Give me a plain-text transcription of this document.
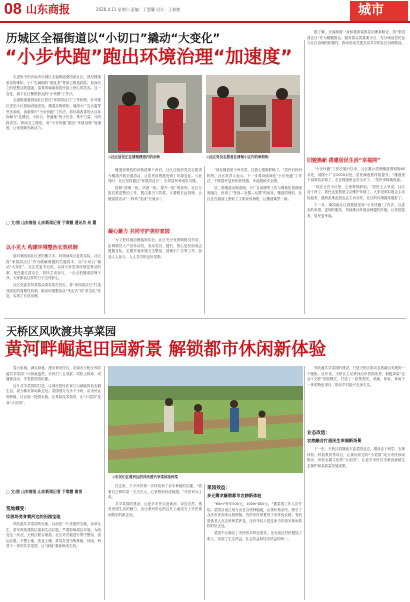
08 山东商报	2026.4.11 星期六 责编：于慧馨 设计：王春德	城市
历城区全福街道以“小切口”撬动“大变化”
“小步快跑”跑出环境治理“加速度”

走进如今的济南市历城区全福街道桑园南社区，曾经楼道里杂物堆积、小广告满墙的“脏乱差”景象已难觅踪影。取而代之的是整洁的通道、清爽的墙面和居民脸上舒心的笑容。这一变化，源于社区聚焦群众的“小快微”工作法。

全福街道桑园南社区依托“家园清洁日”工作机制，针对辖区老旧小区基础设施老化、楼道杂物堆积、墙面小广告泛滥等突出顽疾，创新推行“小步快跑”工作法，将环境改善的大目标拆解为“近期治、小切口、快落地”的小任务，集中力量、分阶段攻坚。简而言之便是，用“小步快跑”跑出“环境治理”加速度，让家园焕发新活力。

□ 文/图 山东商报·山东新闻记者 于春慧 通讯员 吴 霞
以小见大 构建环境整治长效机制

面对桑园南社区老旧楼宇多、环境顽疾反复的实际，社区将“家园清洁日”作为破解难题的关键抓手，以“小切口”撬动“大变化”。社区党委书记说，以前大家觉得环境是物业的事，现在通过清洁日，居民主动参与，一点点把楼道清理干净，大家都说这样的日子过得舒心。

社区党委坚持将群众需求放在首位，将“家园清洁日”打造成固定的周期性机制，推动环境整治从“突击式”向“常态化”转变，实现了长效治理。

◎社区居民正在清理楼道内的杂物	◎社区党员志愿者在清理小区内的堆积物

楼道里堆放的杂物清理干净后，社区还组织党员志愿者为楼道开展全面清洁，让居民直观感受到了环境变化。与此同时，社区坚持通过“家园清洁日”，引导居民养成好习惯。

按照“清理一批、巩固一批、提升一批”的原则，社区分批次推进整治工作，既注重当下效果，又着眼长远管理，让楼道清洁从“一阵风”变成“长流水”。

凝心聚力 共同守护美好家园

为了把环境治理落到实处，社区充分发挥网格员作用，由网格员入户宣传动员，发动党员、楼长、热心居民组成志愿服务队，定期开展环境卫生整治、清理小广告等工作，营造人人参与、人人共享的良好氛围。

“现在楼道里干净亮堂，住着心情都舒畅了。”居民们纷纷称赞。社区负责人表示，下一步将持续深化“小步快跑”工作法，不断提升居民的获得感、幸福感和安全感。

效，将楼道杂物清理、小广告清理等工作与网格化管理深度融合，形成了“发现—处置—反馈”的闭环。楼道清理后，社区还在墙面上张贴了文明宣传海报，让楼道焕然一新。

据了解，全福街道一直积极探索基层治理新路径，将“家园清洁日”作为凝聚群众、服务群众的重要平台，充分调动居民参与社区治理的积极性，推动形成共建共治共享的社区治理格局。

旧貌换新 搭建居民生活“幸福网”

“小步快跑”工作法施行以来，社区累计清理楼道堆积物60余处，清除小广告2000余处，居民满意度持续提升。“楼道里不再堆放杂物了，走在楼道里也安全多了。”居民李阿姨说道。

“现在走在小区里，心里特别舒坦。”居民王大爷说，社区变干净了，居民也更愿意主动维护环境了，大家见到垃圾会主动捡起来，遇到乱堆乱放也会主动劝导，社区的环境越来越好了。

下一步，桑园南社区将继续坚持“小步快跑”工作法，以更实的举措、更细的服务，持续推动环境治理提档升级，让家园更美、居民更幸福。

天桥区风吹渡共享菜园
黄河畔崛起田园新景 解锁都市休闲新体验

春日泉城，满目绿意。漫步黄河岸边，济南市天桥区风吹渡共享菜园一片绿意盎然，市民们三五成群，或松土除草，或播种浇水，享受着田园乐趣。

这片共享菜园的打造，让城市居民在家门口就能体验农耕生活，成为都市休闲新去处。菜园划分为多个小块，由市民认领种植，社区统一提供水源、农具和技术指导，让“小菜园”变身“大乐园”。

□ 文/图 山东商报·山东新闻记者 于春慧 谢昊
荒地蝶变：
垃圾场变身黄河边的田园宝地

风吹渡共享菜园所在地，以前是一片荒废的空地，杂草丛生，常年堆放建筑垃圾和生活垃圾，严重影响周边环境。为改变这一状况，天桥区联合街道、社区对荒地进行集中整治，清运垃圾、平整土地、改良土壤，将其打造为集种植、休闲、科普于一体的共享菜园，让“废地”重新焕发生机。

◎市民们在黄河边的风吹渡共享菜园里种菜

在这里，不少市民第一次体验到了亲手种植的乐趣。“看着自己种的菜一天天长大，心里特别有成就感。”市民刘女士说。

共享菜园的建设，让更多市民走进黄河、亲近自然，感受田园生活的魅力，也让黄河岸边的这片土地成为了市民休闲娱乐的新去处。

菜园效益：
多元需求解锁都市农耕新体验

“60m²每年500元，100m²800元。”据菜园工作人员介绍，菜园目前已划分出近百块种植地，认领价格亲民，吸引了众多市民前来认领种植。有的市民带着孩子来体验农耕，有的退休老人在这里种菜养花，还有年轻人把这里当作周末休闲放松的好去处。

菜园不仅满足了市民的多样化需求，也为周边村民增加了收入，实现了生态效益、社会效益和经济效益的统一。

风吹渡共享菜园的建设，只是天桥区推动农旅融合发展的一个缩影。近年来，天桥区立足黄河沿岸资源优势，积极探索“农业+文旅”发展模式，打造了一批集观光、采摘、体验、休闲于一体的特色项目，推动乡村振兴走深走实。

业态改造：
农旅融合打造民生幸福新场景

下一步，天桥区将继续丰富菜园业态，增设亲子研学、农事体验、科普教育等项目，让黄河岸边的“小菜园”成为市民休闲娱乐、体验农耕文化的“大乐园”，让更多市民共享黄河流域生态保护和高质量发展成果。
